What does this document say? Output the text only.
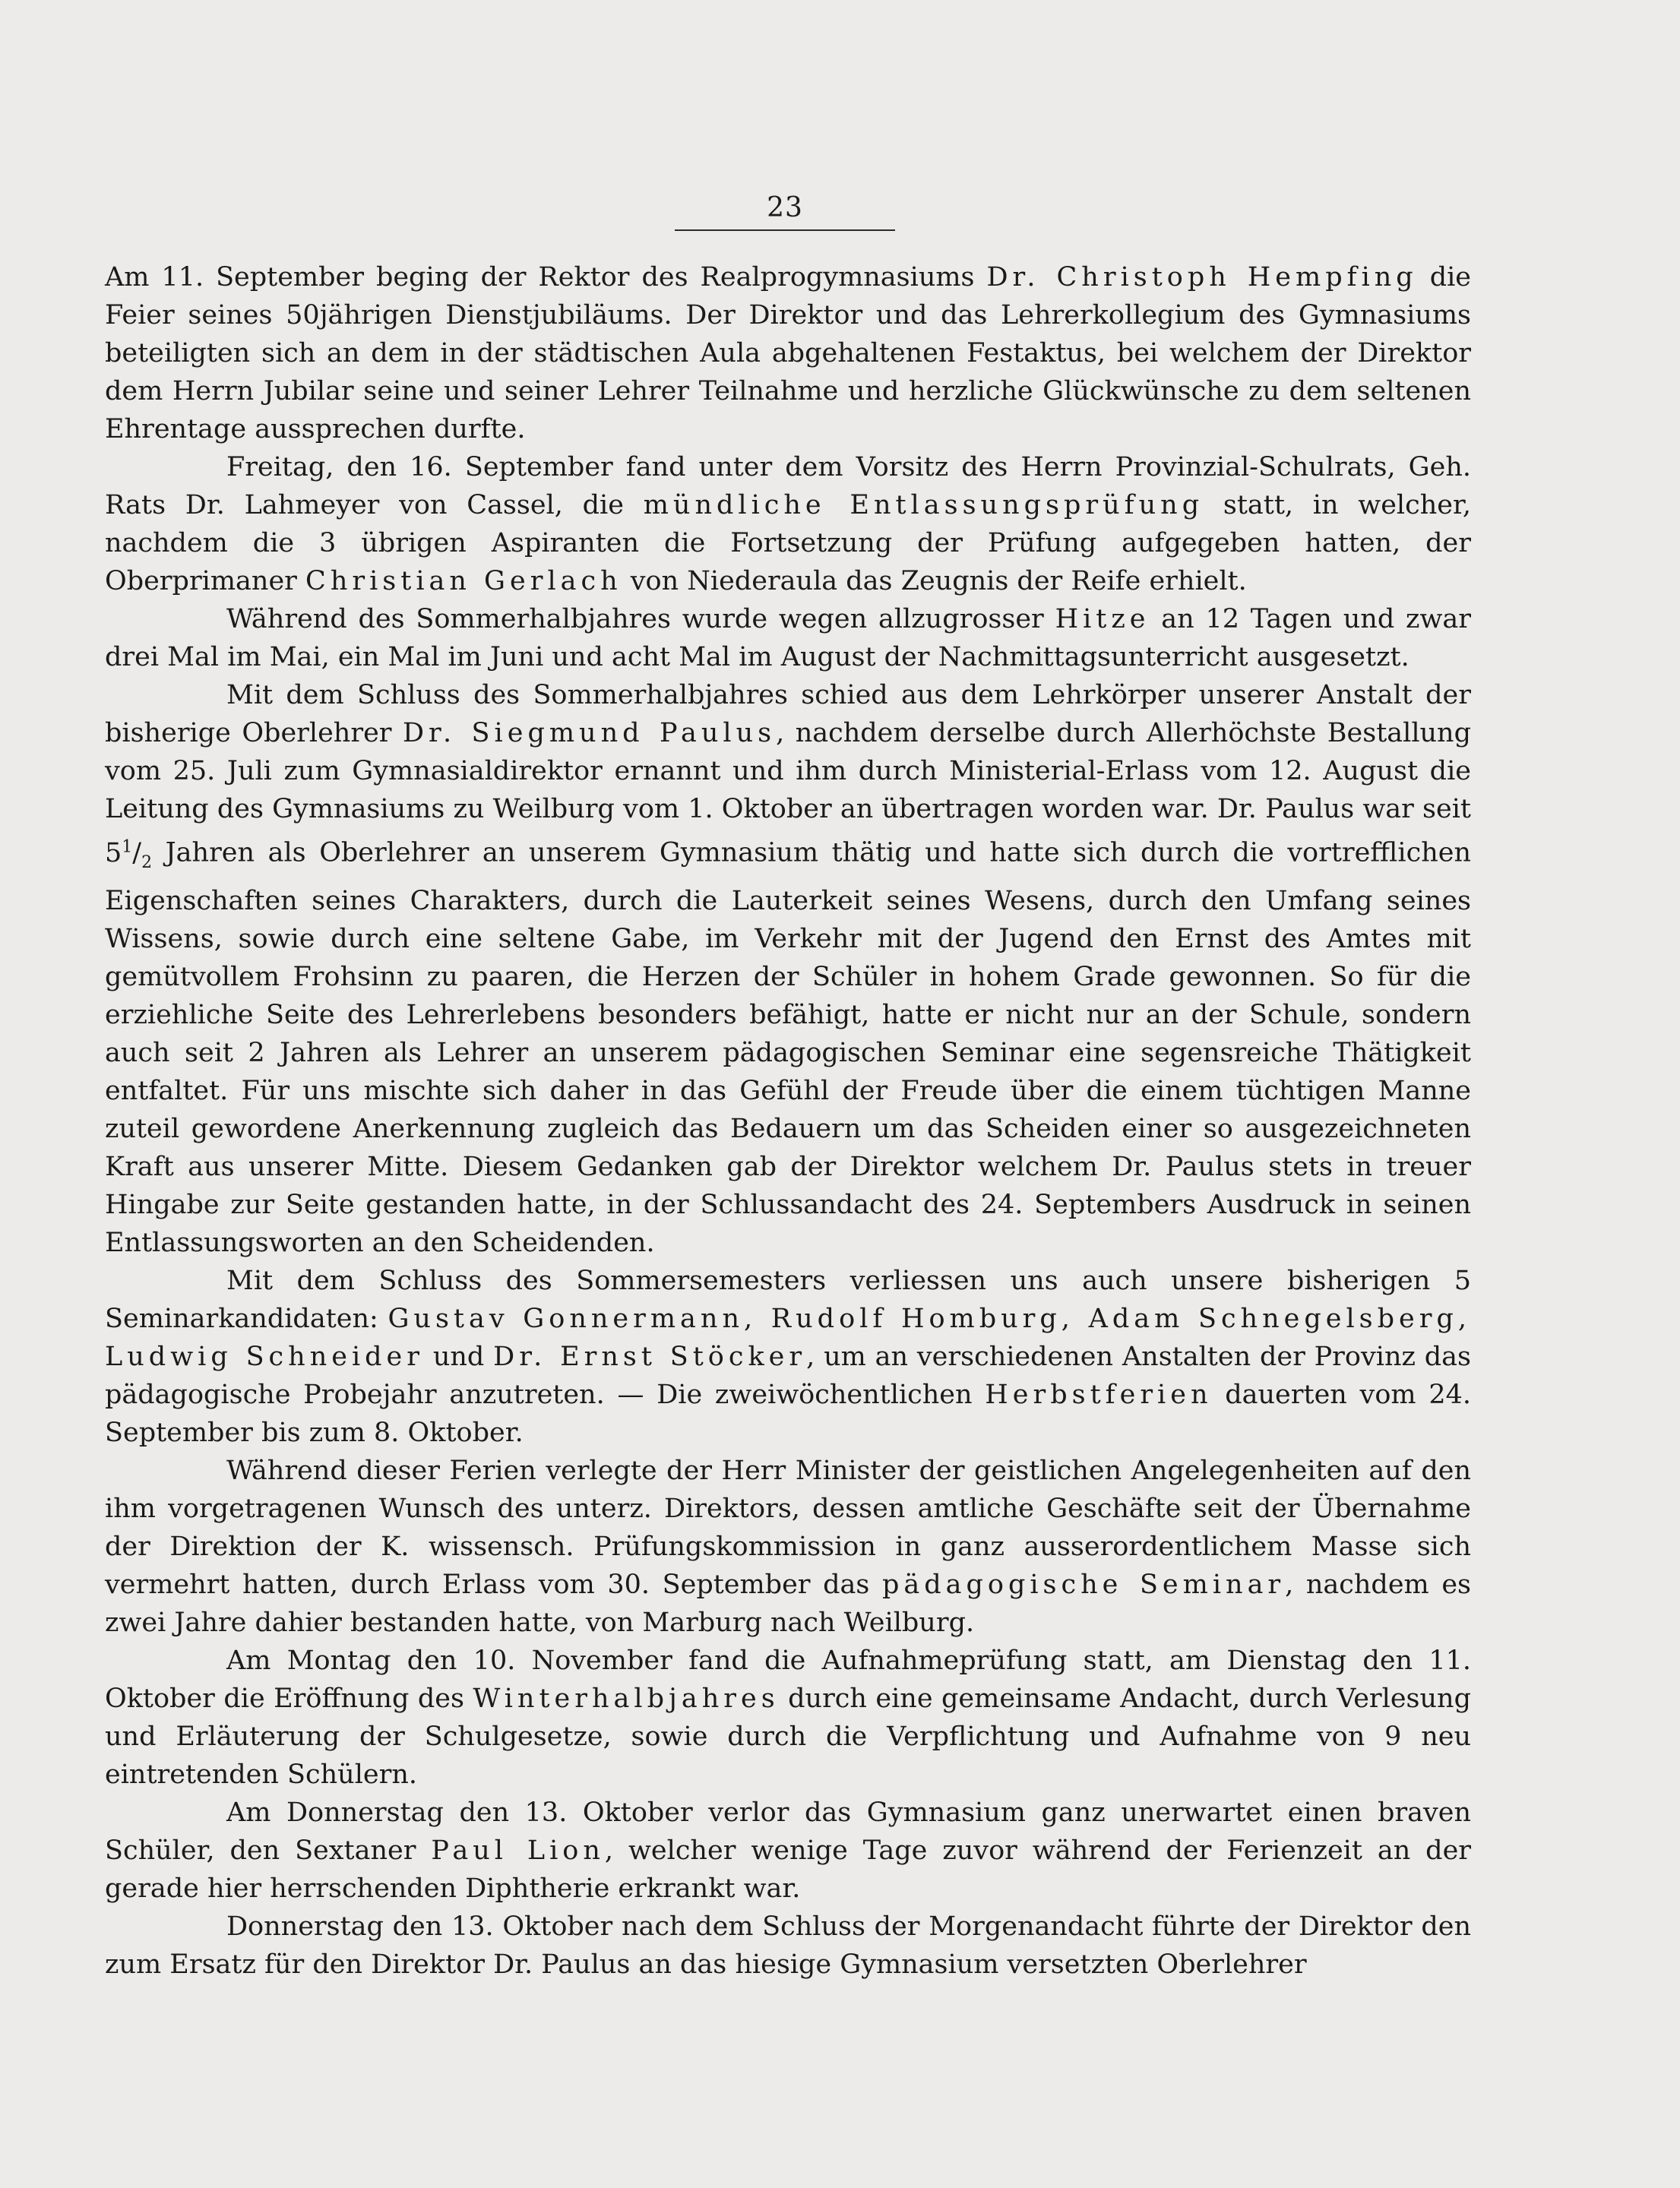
23

Am 11. September beging der Rektor des Realprogymnasiums Dr. Christoph Hempfing die Feier seines 50jährigen Dienstjubiläums. Der Direktor und das Lehrerkollegium des Gymnasiums beteiligten sich an dem in der städtischen Aula abgehaltenen Festaktus, bei welchem der Direktor dem Herrn Jubilar seine und seiner Lehrer Teilnahme und herzliche Glückwünsche zu dem seltenen Ehrentage aussprechen durfte.

Freitag, den 16. September fand unter dem Vorsitz des Herrn Provinzial-Schulrats, Geh. Rats Dr. Lahmeyer von Cassel, die mündliche Entlassungsprüfung statt, in welcher, nachdem die 3 übrigen Aspiranten die Fortsetzung der Prüfung aufgegeben hatten, der Oberprimaner Christian Gerlach von Niederaula das Zeugnis der Reife erhielt.

Während des Sommerhalbjahres wurde wegen allzugrosser Hitze an 12 Tagen und zwar drei Mal im Mai, ein Mal im Juni und acht Mal im August der Nachmittagsunterricht ausgesetzt.

Mit dem Schluss des Sommerhalbjahres schied aus dem Lehrkörper unserer Anstalt der bisherige Oberlehrer Dr. Siegmund Paulus, nachdem derselbe durch Allerhöchste Bestallung vom 25. Juli zum Gymnasialdirektor ernannt und ihm durch Ministerial-Erlass vom 12. August die Leitung des Gymnasiums zu Weilburg vom 1. Oktober an übertragen worden war. Dr. Paulus war seit $5^1/_2$ Jahren als Oberlehrer an unserem Gymnasium thätig und hatte sich durch die vortrefflichen Eigenschaften seines Charakters, durch die Lauterkeit seines Wesens, durch den Umfang seines Wissens, sowie durch eine seltene Gabe, im Verkehr mit der Jugend den Ernst des Amtes mit gemütvollem Frohsinn zu paaren, die Herzen der Schüler in hohem Grade gewonnen. So für die erziehliche Seite des Lehrerlebens besonders befähigt, hatte er nicht nur an der Schule, sondern auch seit 2 Jahren als Lehrer an unserem pädagogischen Seminar eine segensreiche Thätigkeit entfaltet. Für uns mischte sich daher in das Gefühl der Freude über die einem tüchtigen Manne zuteil gewordene Anerkennung zugleich das Bedauern um das Scheiden einer so ausgezeichneten Kraft aus unserer Mitte. Diesem Gedanken gab der Direktor welchem Dr. Paulus stets in treuer Hingabe zur Seite gestanden hatte, in der Schlussandacht des 24. Septembers Ausdruck in seinen Entlassungsworten an den Scheidenden.

Mit dem Schluss des Sommersemesters verliessen uns auch unsere bisherigen 5 Seminarkandidaten: Gustav Gonnermann, Rudolf Homburg, Adam Schnegelsberg, Ludwig Schneider und Dr. Ernst Stöcker, um an verschiedenen Anstalten der Provinz das pädagogische Probejahr anzutreten. — Die zweiwöchentlichen Herbstferien dauerten vom 24. September bis zum 8. Oktober.

Während dieser Ferien verlegte der Herr Minister der geistlichen Angelegenheiten auf den ihm vorgetragenen Wunsch des unterz. Direktors, dessen amtliche Geschäfte seit der Übernahme der Direktion der K. wissensch. Prüfungskommission in ganz ausserordentlichem Masse sich vermehrt hatten, durch Erlass vom 30. September das pädagogische Seminar, nachdem es zwei Jahre dahier bestanden hatte, von Marburg nach Weilburg.

Am Montag den 10. November fand die Aufnahmeprüfung statt, am Dienstag den 11. Oktober die Eröffnung des Winterhalbjahres durch eine gemeinsame Andacht, durch Verlesung und Erläuterung der Schulgesetze, sowie durch die Verpflichtung und Aufnahme von 9 neu eintretenden Schülern.

Am Donnerstag den 13. Oktober verlor das Gymnasium ganz unerwartet einen braven Schüler, den Sextaner Paul Lion, welcher wenige Tage zuvor während der Ferienzeit an der gerade hier herrschenden Diphtherie erkrankt war.

Donnerstag den 13. Oktober nach dem Schluss der Morgenandacht führte der Direktor den zum Ersatz für den Direktor Dr. Paulus an das hiesige Gymnasium versetzten Oberlehrer
